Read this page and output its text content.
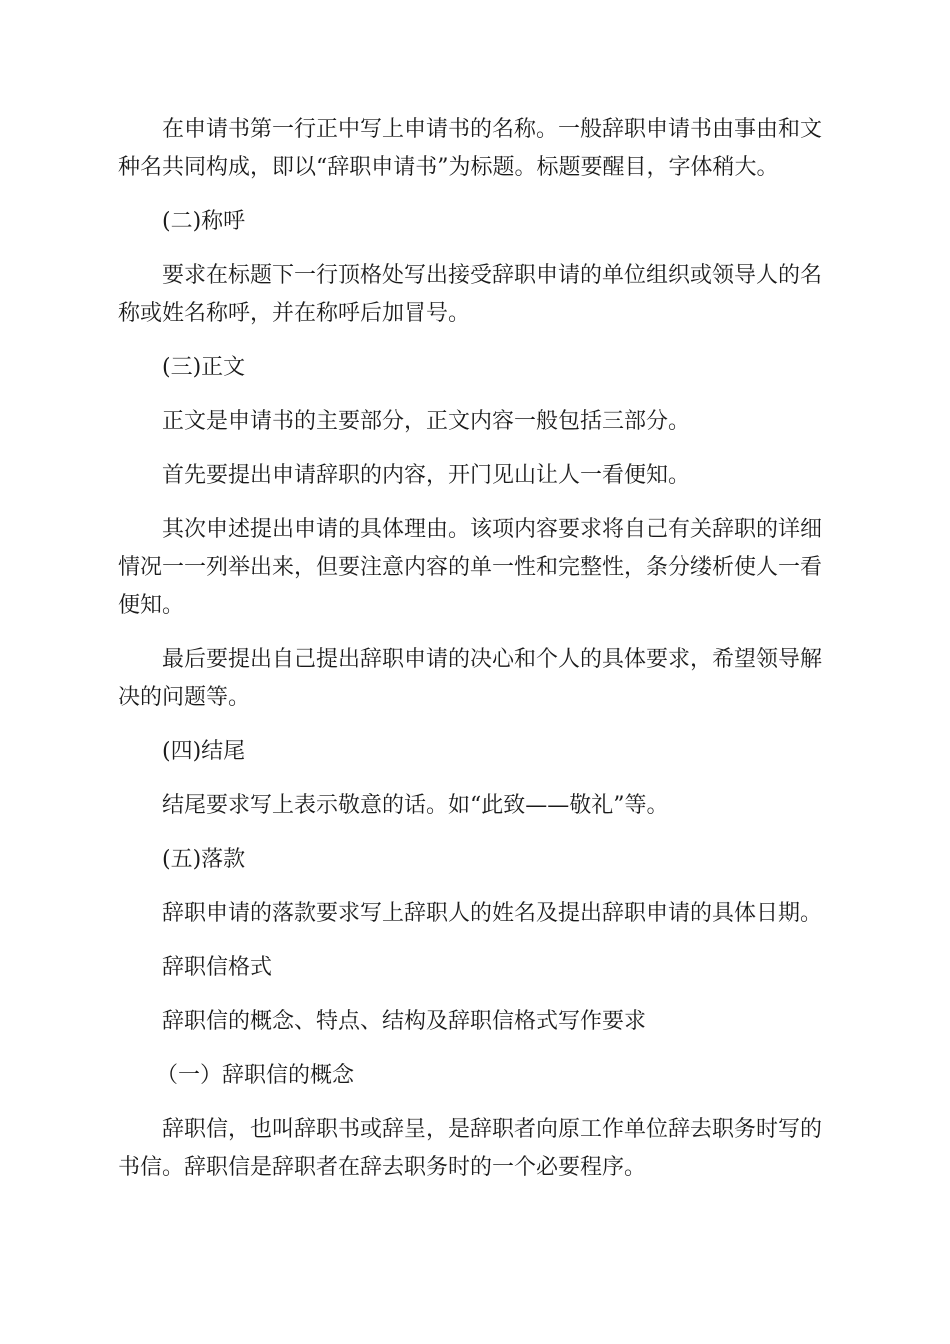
在申请书第一行正中写上申请书的名称。一般辞职申请书由事由和文
种名共同构成，即以“辞职申请书”为标题。标题要醒目，字体稍大。
(二)称呼
要求在标题下一行顶格处写出接受辞职申请的单位组织或领导人的名
称或姓名称呼，并在称呼后加冒号。
(三)正文
正文是申请书的主要部分，正文内容一般包括三部分。
首先要提出申请辞职的内容，开门见山让人一看便知。
其次申述提出申请的具体理由。该项内容要求将自己有关辞职的详细
情况一一列举出来，但要注意内容的单一性和完整性，条分缕析使人一看
便知。
最后要提出自己提出辞职申请的决心和个人的具体要求，希望领导解
决的问题等。
(四)结尾
结尾要求写上表示敬意的话。如“此致——敬礼”等。
(五)落款
辞职申请的落款要求写上辞职人的姓名及提出辞职申请的具体日期。
辞职信格式
辞职信的概念、特点、结构及辞职信格式写作要求
（一）辞职信的概念
辞职信，也叫辞职书或辞呈，是辞职者向原工作单位辞去职务时写的
书信。辞职信是辞职者在辞去职务时的一个必要程序。
